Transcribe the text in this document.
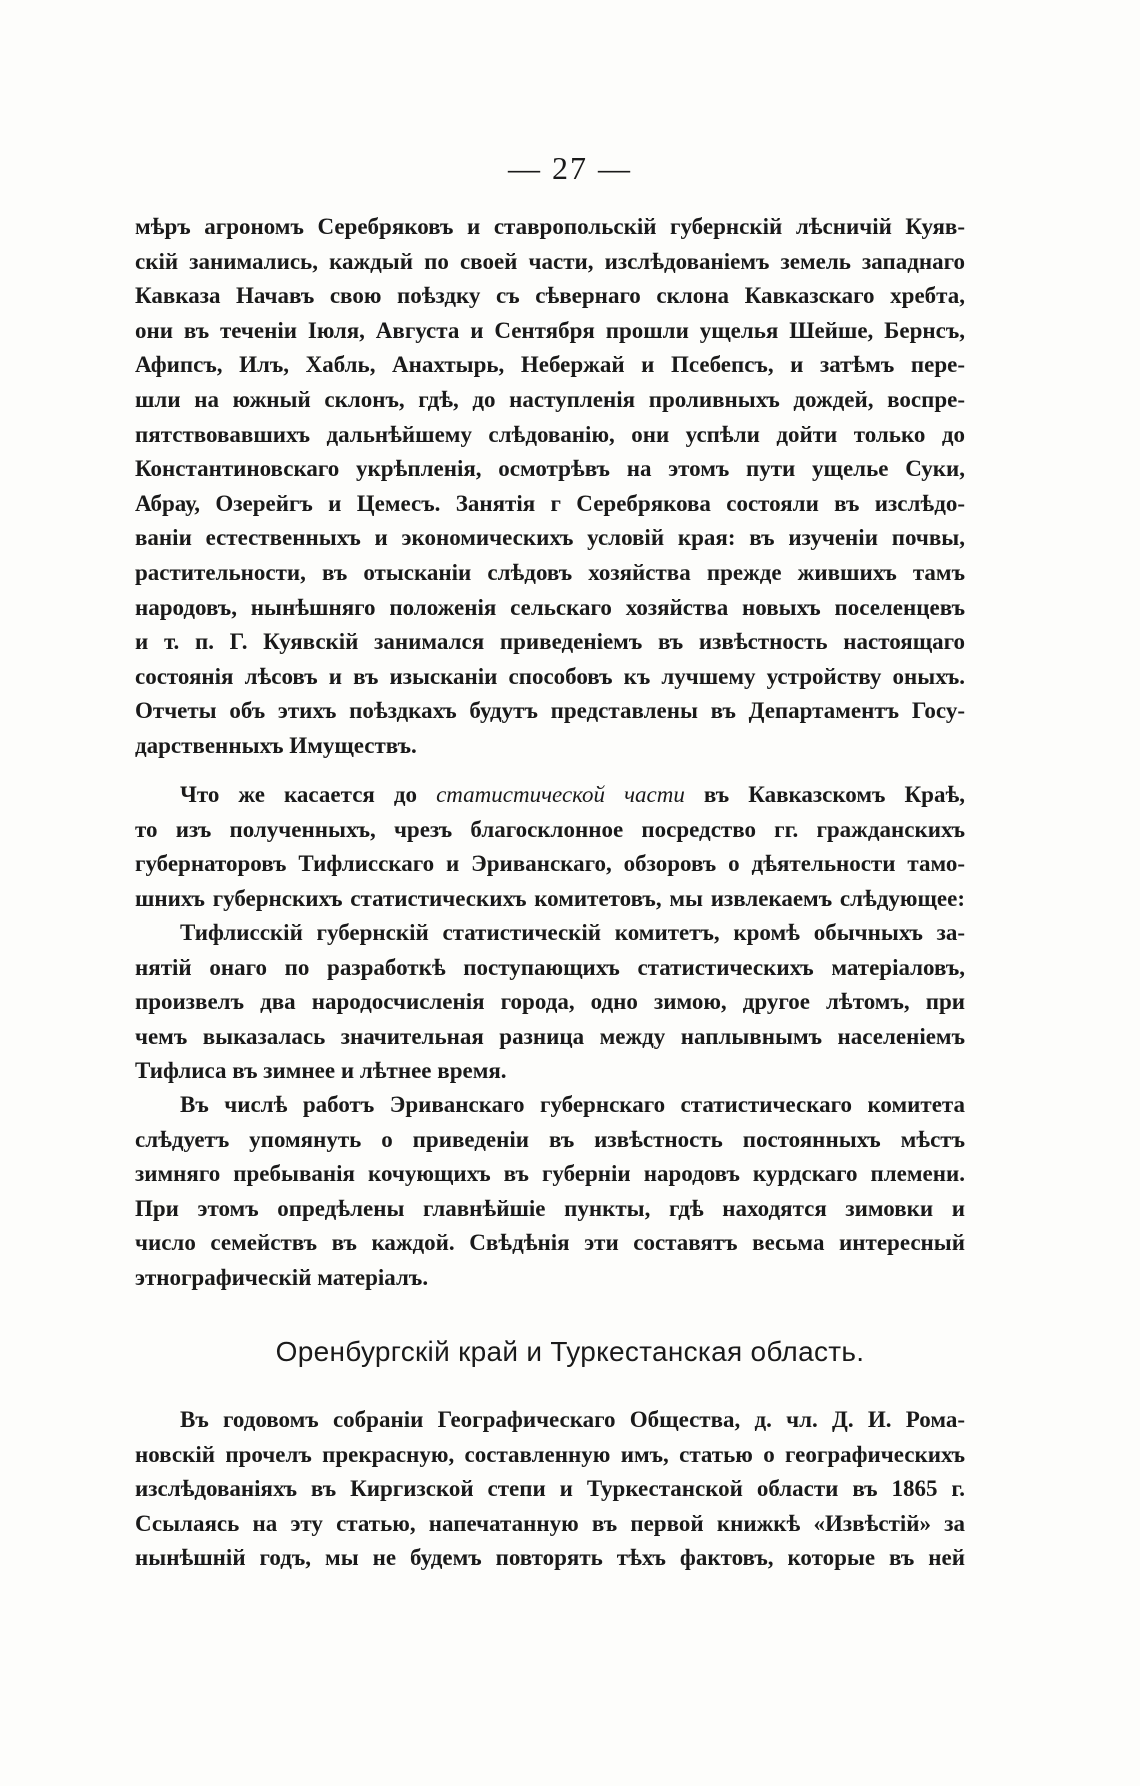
— 27 —
мѣръ агрономъ Серебряковъ и ставропольскій губернскій лѣсничій Куяв-
скій занимались, каждый по своей части, изслѣдованіемъ земель западнаго
Кавказа Начавъ свою поѣздку съ сѣвернаго склона Кавказскаго хребта,
они въ теченіи Іюля, Августа и Сентября прошли ущелья Шейше, Бернсъ,
Афипсъ, Илъ, Хабль, Анахтырь, Небержай и Псебепсъ, и затѣмъ пере-
шли на южный склонъ, гдѣ, до наступленія проливныхъ дождей, воспре-
пятствовавшихъ дальнѣйшему слѣдованію, они успѣли дойти только до
Константиновскаго укрѣпленія, осмотрѣвъ на этомъ пути ущелье Суки,
Абрау, Озерейгъ и Цемесъ. Занятія г Серебрякова состояли въ изслѣдо-
ваніи естественныхъ и экономическихъ условій края: въ изученіи почвы,
растительности, въ отысканіи слѣдовъ хозяйства прежде жившихъ тамъ
народовъ, нынѣшняго положенія сельскаго хозяйства новыхъ поселенцевъ
и т. п. Г. Куявскій занимался приведеніемъ въ извѣстность настоящаго
состоянія лѣсовъ и въ изысканіи способовъ къ лучшему устройству оныхъ.
Отчеты объ этихъ поѣздкахъ будутъ представлены въ Департаментъ Госу-
дарственныхъ Имуществъ.
Что же касается до статистической части въ Кавказскомъ Краѣ,
то изъ полученныхъ, чрезъ благосклонное посредство гг. гражданскихъ
губернаторовъ Тифлисскаго и Эриванскаго, обзоровъ о дѣятельности тамо-
шнихъ губернскихъ статистическихъ комитетовъ, мы извлекаемъ слѣдующее:
Тифлисскій губернскій статистическій комитетъ, кромѣ обычныхъ за-
нятій онаго по разработкѣ поступающихъ статистическихъ матеріаловъ,
произвелъ два народосчисленія города, одно зимою, другое лѣтомъ, при
чемъ выказалась значительная разница между наплывнымъ населеніемъ
Тифлиса въ зимнее и лѣтнее время.
Въ числѣ работъ Эриванскаго губернскаго статистическаго комитета
слѣдуетъ упомянуть о приведеніи въ извѣстность постоянныхъ мѣстъ
зимняго пребыванія кочующихъ въ губерніи народовъ курдскаго племени.
При этомъ опредѣлены главнѣйшіе пункты, гдѣ находятся зимовки и
число семействъ въ каждой. Свѣдѣнія эти составятъ весьма интересный
этнографическій матеріалъ.
Оренбургскій край и Туркестанская область.
Въ годовомъ собраніи Географическаго Общества, д. чл. Д. И. Рома-
новскій прочелъ прекрасную, составленную имъ, статью о географическихъ
изслѣдованіяхъ въ Киргизской степи и Туркестанской области въ 1865 г.
Ссылаясь на эту статью, напечатанную въ первой книжкѣ «Извѣстій» за
нынѣшній годъ, мы не будемъ повторять тѣхъ фактовъ, которые въ ней
